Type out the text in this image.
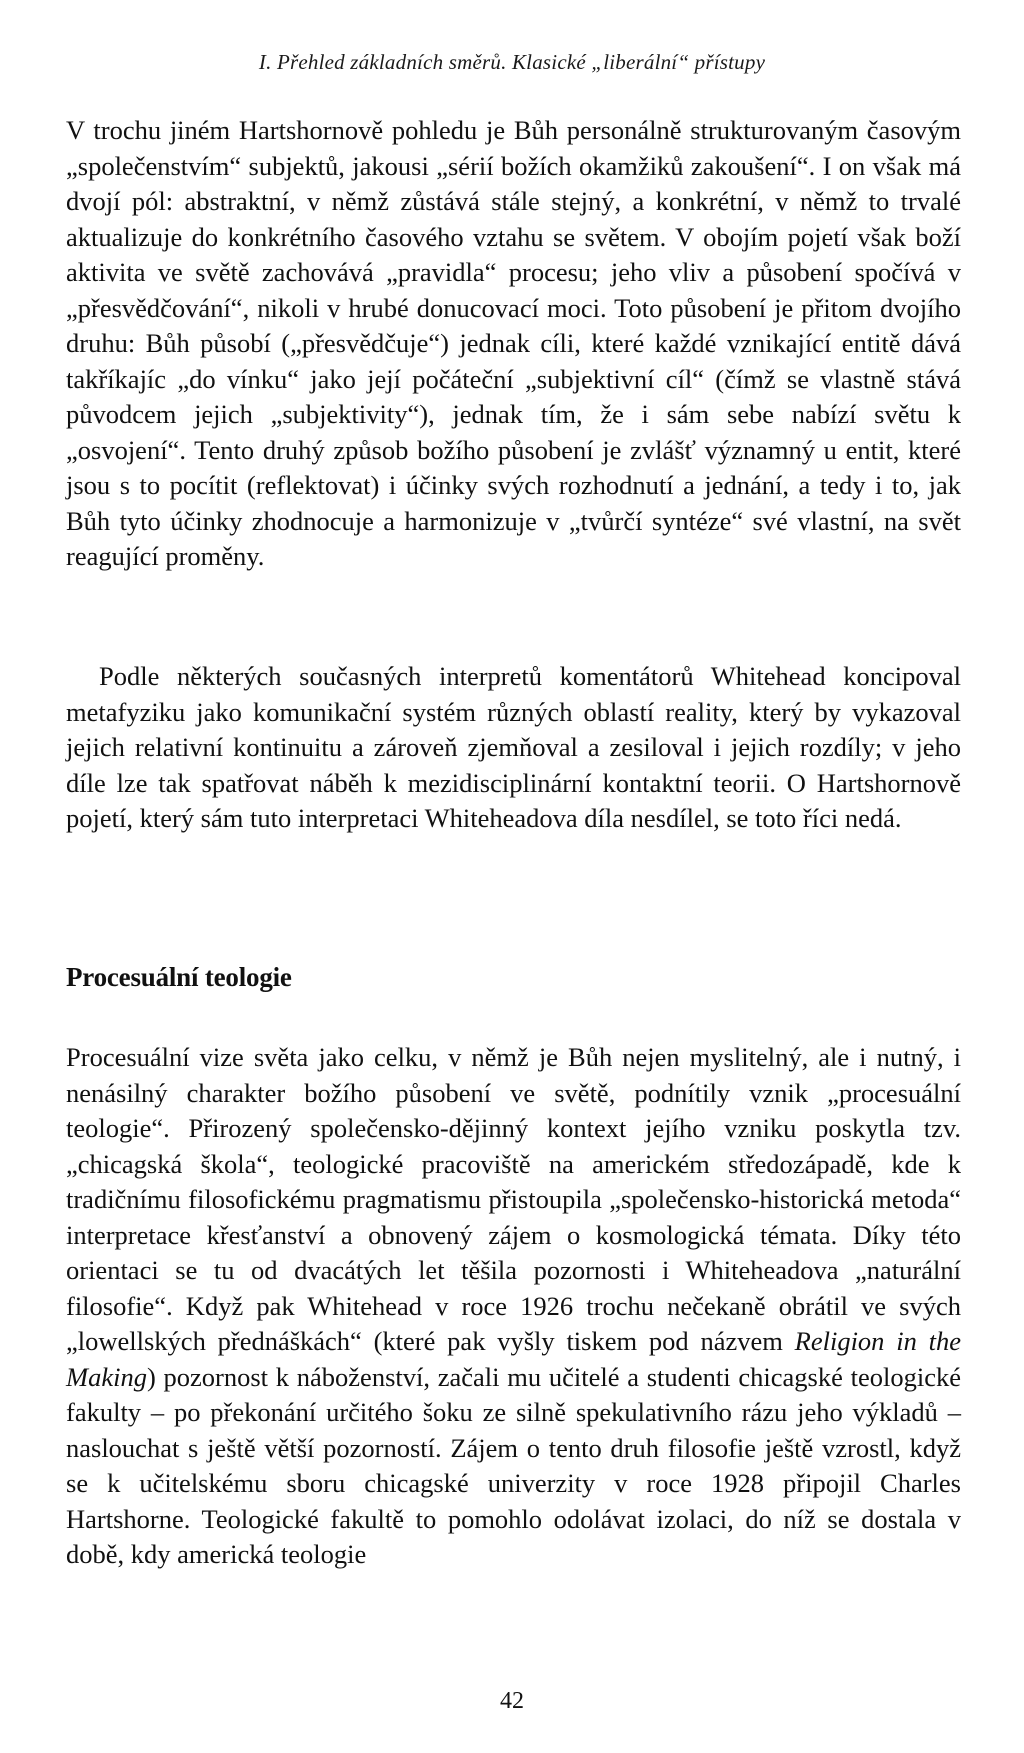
I. Přehled základních směrů. Klasické „liberální“ přístupy

V trochu jiném Hartshornově pohledu je Bůh personálně strukturovaným časovým „společenstvím“ subjektů, jakousi „sérií božích okamžiků zakoušení“. I on však má dvojí pól: abstraktní, v němž zůstává stále stejný, a konkrétní, v němž to trvalé aktualizuje do konkrétního časového vztahu se světem. V obojím pojetí však boží aktivita ve světě zachovává „pravidla“ procesu; jeho vliv a působení spočívá v „přesvědčování“, nikoli v hrubé donucovací moci. Toto působení je přitom dvojího druhu: Bůh působí („přesvědčuje“) jednak cíli, které každé vznikající entitě dává takříkajíc „do vínku“ jako její počáteční „subjektivní cíl“ (čímž se vlastně stává původcem jejich „subjektivity“), jednak tím, že i sám sebe nabízí světu k „osvojení“. Tento druhý způsob božího působení je zvlášť významný u entit, které jsou s to pocítit (reflektovat) i účinky svých rozhodnutí a jednání, a tedy i to, jak Bůh tyto účinky zhodnocuje a harmonizuje v „tvůrčí syntéze“ své vlastní, na svět reagující proměny.

Podle některých současných interpretů komentátorů Whitehead koncipoval metafyziku jako komunikační systém různých oblastí reality, který by vykazoval jejich relativní kontinuitu a zároveň zjemňoval a zesiloval i jejich rozdíly; v jeho díle lze tak spatřovat náběh k mezidisciplinární kontaktní teorii. O Hartshornově pojetí, který sám tuto interpretaci Whiteheadova díla nesdílel, se toto říci nedá.

Procesuální teologie

Procesuální vize světa jako celku, v němž je Bůh nejen myslitelný, ale i nutný, i nenásilný charakter božího působení ve světě, podnítily vznik „procesuální teologie“. Přirozený společensko-dějinný kontext jejího vzniku poskytla tzv. „chicagská škola“, teologické pracoviště na americkém středozápadě, kde k tradičnímu filosofickému pragmatismu přistoupila „společensko-historická metoda“ interpretace křesťanství a obnovený zájem o kosmologická témata. Díky této orientaci se tu od dvacátých let těšila pozornosti i Whiteheadova „naturální filosofie“. Když pak Whitehead v roce 1926 trochu nečekaně obrátil ve svých „lowellských přednáškách“ (které pak vyšly tiskem pod názvem Religion in the Making) pozornost k náboženství, začali mu učitelé a studenti chicagské teologické fakulty – po překonání určitého šoku ze silně spekulativního rázu jeho výkladů – naslouchat s ještě větší pozorností. Zájem o tento druh filosofie ještě vzrostl, když se k učitelskému sboru chicagské univerzity v roce 1928 připojil Charles Hartshorne. Teologické fakultě to pomohlo odolávat izolaci, do níž se dostala v době, kdy americká teologie

42
